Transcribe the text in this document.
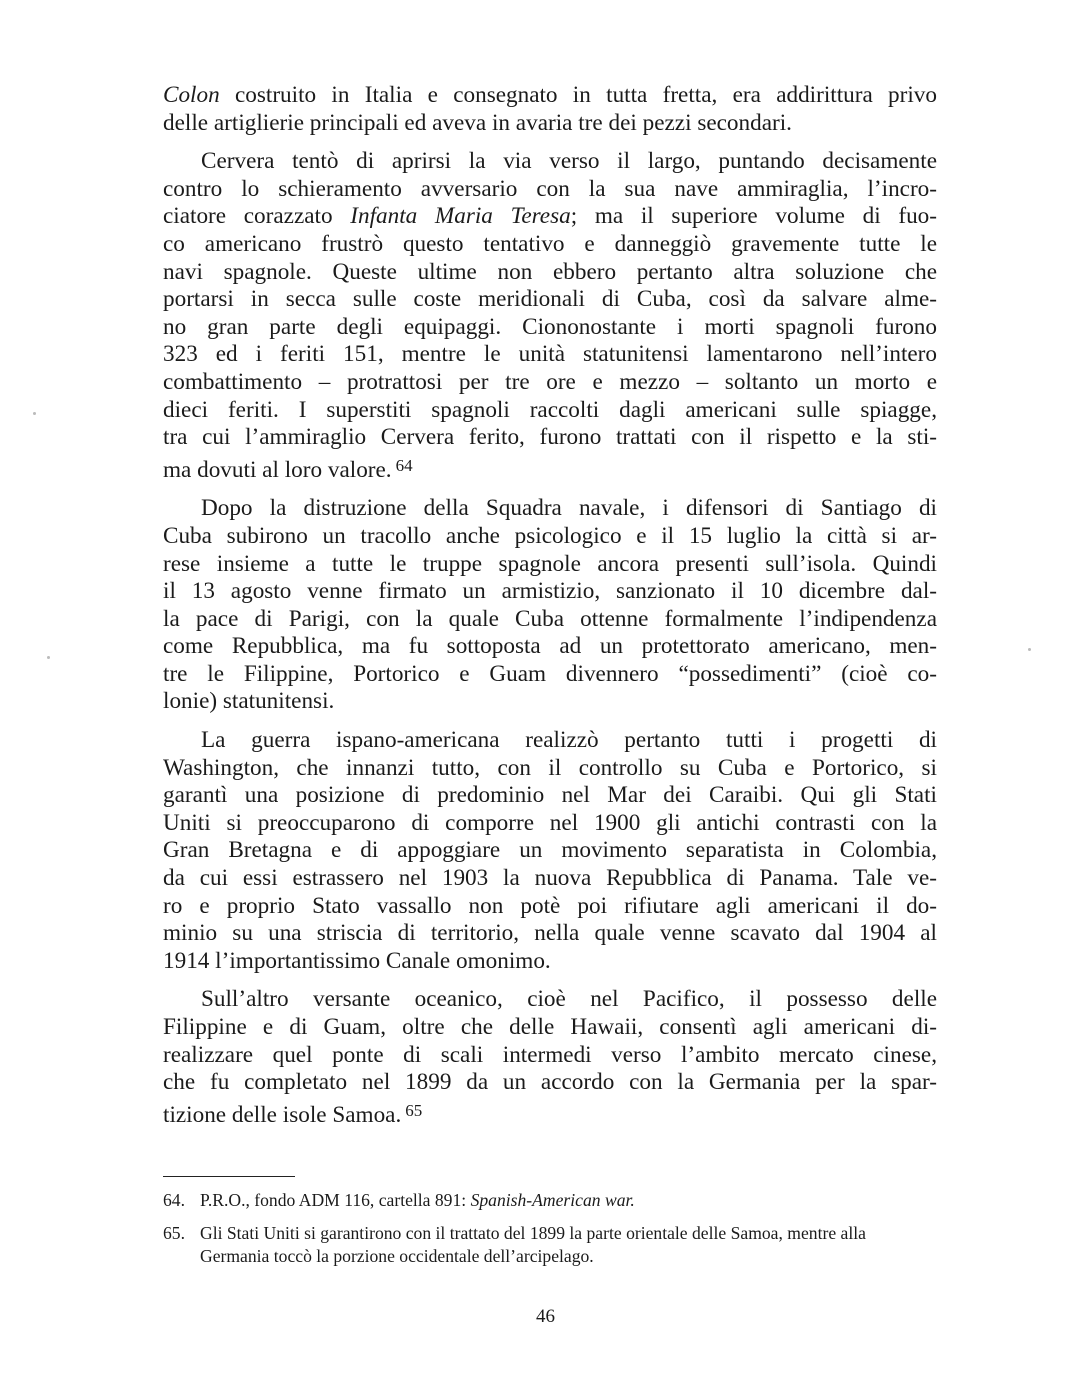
Colon costruito in Italia e consegnato in tutta fretta, era addirittura privo
delle artiglierie principali ed aveva in avaria tre dei pezzi secondari.
Cervera tentò di aprirsi la via verso il largo, puntando decisamente
contro lo schieramento avversario con la sua nave ammiraglia, l’incro-
ciatore corazzato Infanta Maria Teresa; ma il superiore volume di fuo-
co americano frustrò questo tentativo e danneggiò gravemente tutte le
navi spagnole. Queste ultime non ebbero pertanto altra soluzione che
portarsi in secca sulle coste meridionali di Cuba, così da salvare almе-
no gran parte degli equipaggi. Ciononostante i morti spagnoli furono
323 ed i feriti 151, mentre le unità statunitensi lamentarono nell’intero
combattimento – protrattosi per tre ore e mezzo – soltanto un morto e
dieci feriti. I superstiti spagnoli raccolti dagli americani sulle spiagge,
tra cui l’ammiraglio Cervera ferito, furono trattati con il rispetto e la sti-
ma dovuti al loro valore. $^{64}$
Dopo la distruzione della Squadra navale, i difensori di Santiago di
Cuba subirono un tracollo anche psicologico e il 15 luglio la città si ar-
rese insieme a tutte le truppe spagnole ancora presenti sull’isola. Quindi
il 13 agosto venne firmato un armistizio, sanzionato il 10 dicembre dal-
la pace di Parigi, con la quale Cuba ottenne formalmente l’indipendenza
come Repubblica, ma fu sottoposta ad un protettorato americano, men-
tre le Filippine, Portorico e Guam divennero “possedimenti” (cioè co-
lonie) statunitensi.
La guerra ispano-americana realizzò pertanto tutti i progetti di
Washington, che innanzi tutto, con il controllo su Cuba e Portorico, si
garantì una posizione di predominio nel Mar dei Caraibi. Qui gli Stati
Uniti si preoccuparono di comporre nel 1900 gli antichi contrasti con la
Gran Bretagna e di appoggiare un movimento separatista in Colombia,
da cui essi estrassero nel 1903 la nuova Repubblica di Panama. Tale ve-
ro e proprio Stato vassallo non potè poi rifiutare agli americani il do-
minio su una striscia di territorio, nella quale venne scavato dal 1904 al
1914 l’importantissimo Canale omonimo.
Sull’altro versante oceanico, cioè nel Pacifico, il possesso delle
Filippine e di Guam, oltre che delle Hawaii, consentì agli americani di-
realizzare quel ponte di scali intermedi verso l’ambito mercato cinese,
che fu completato nel 1899 da un accordo con la Germania per la spar-
tizione delle isole Samoa. $^{65}$
64. P.R.O., fondo ADM 116, cartella 891: Spanish-American war.
65. Gli Stati Uniti si garantirono con il trattato del 1899 la parte orientale delle Samoa, mentre alla Germania toccò la porzione occidentale dell’arcipelago.
46
